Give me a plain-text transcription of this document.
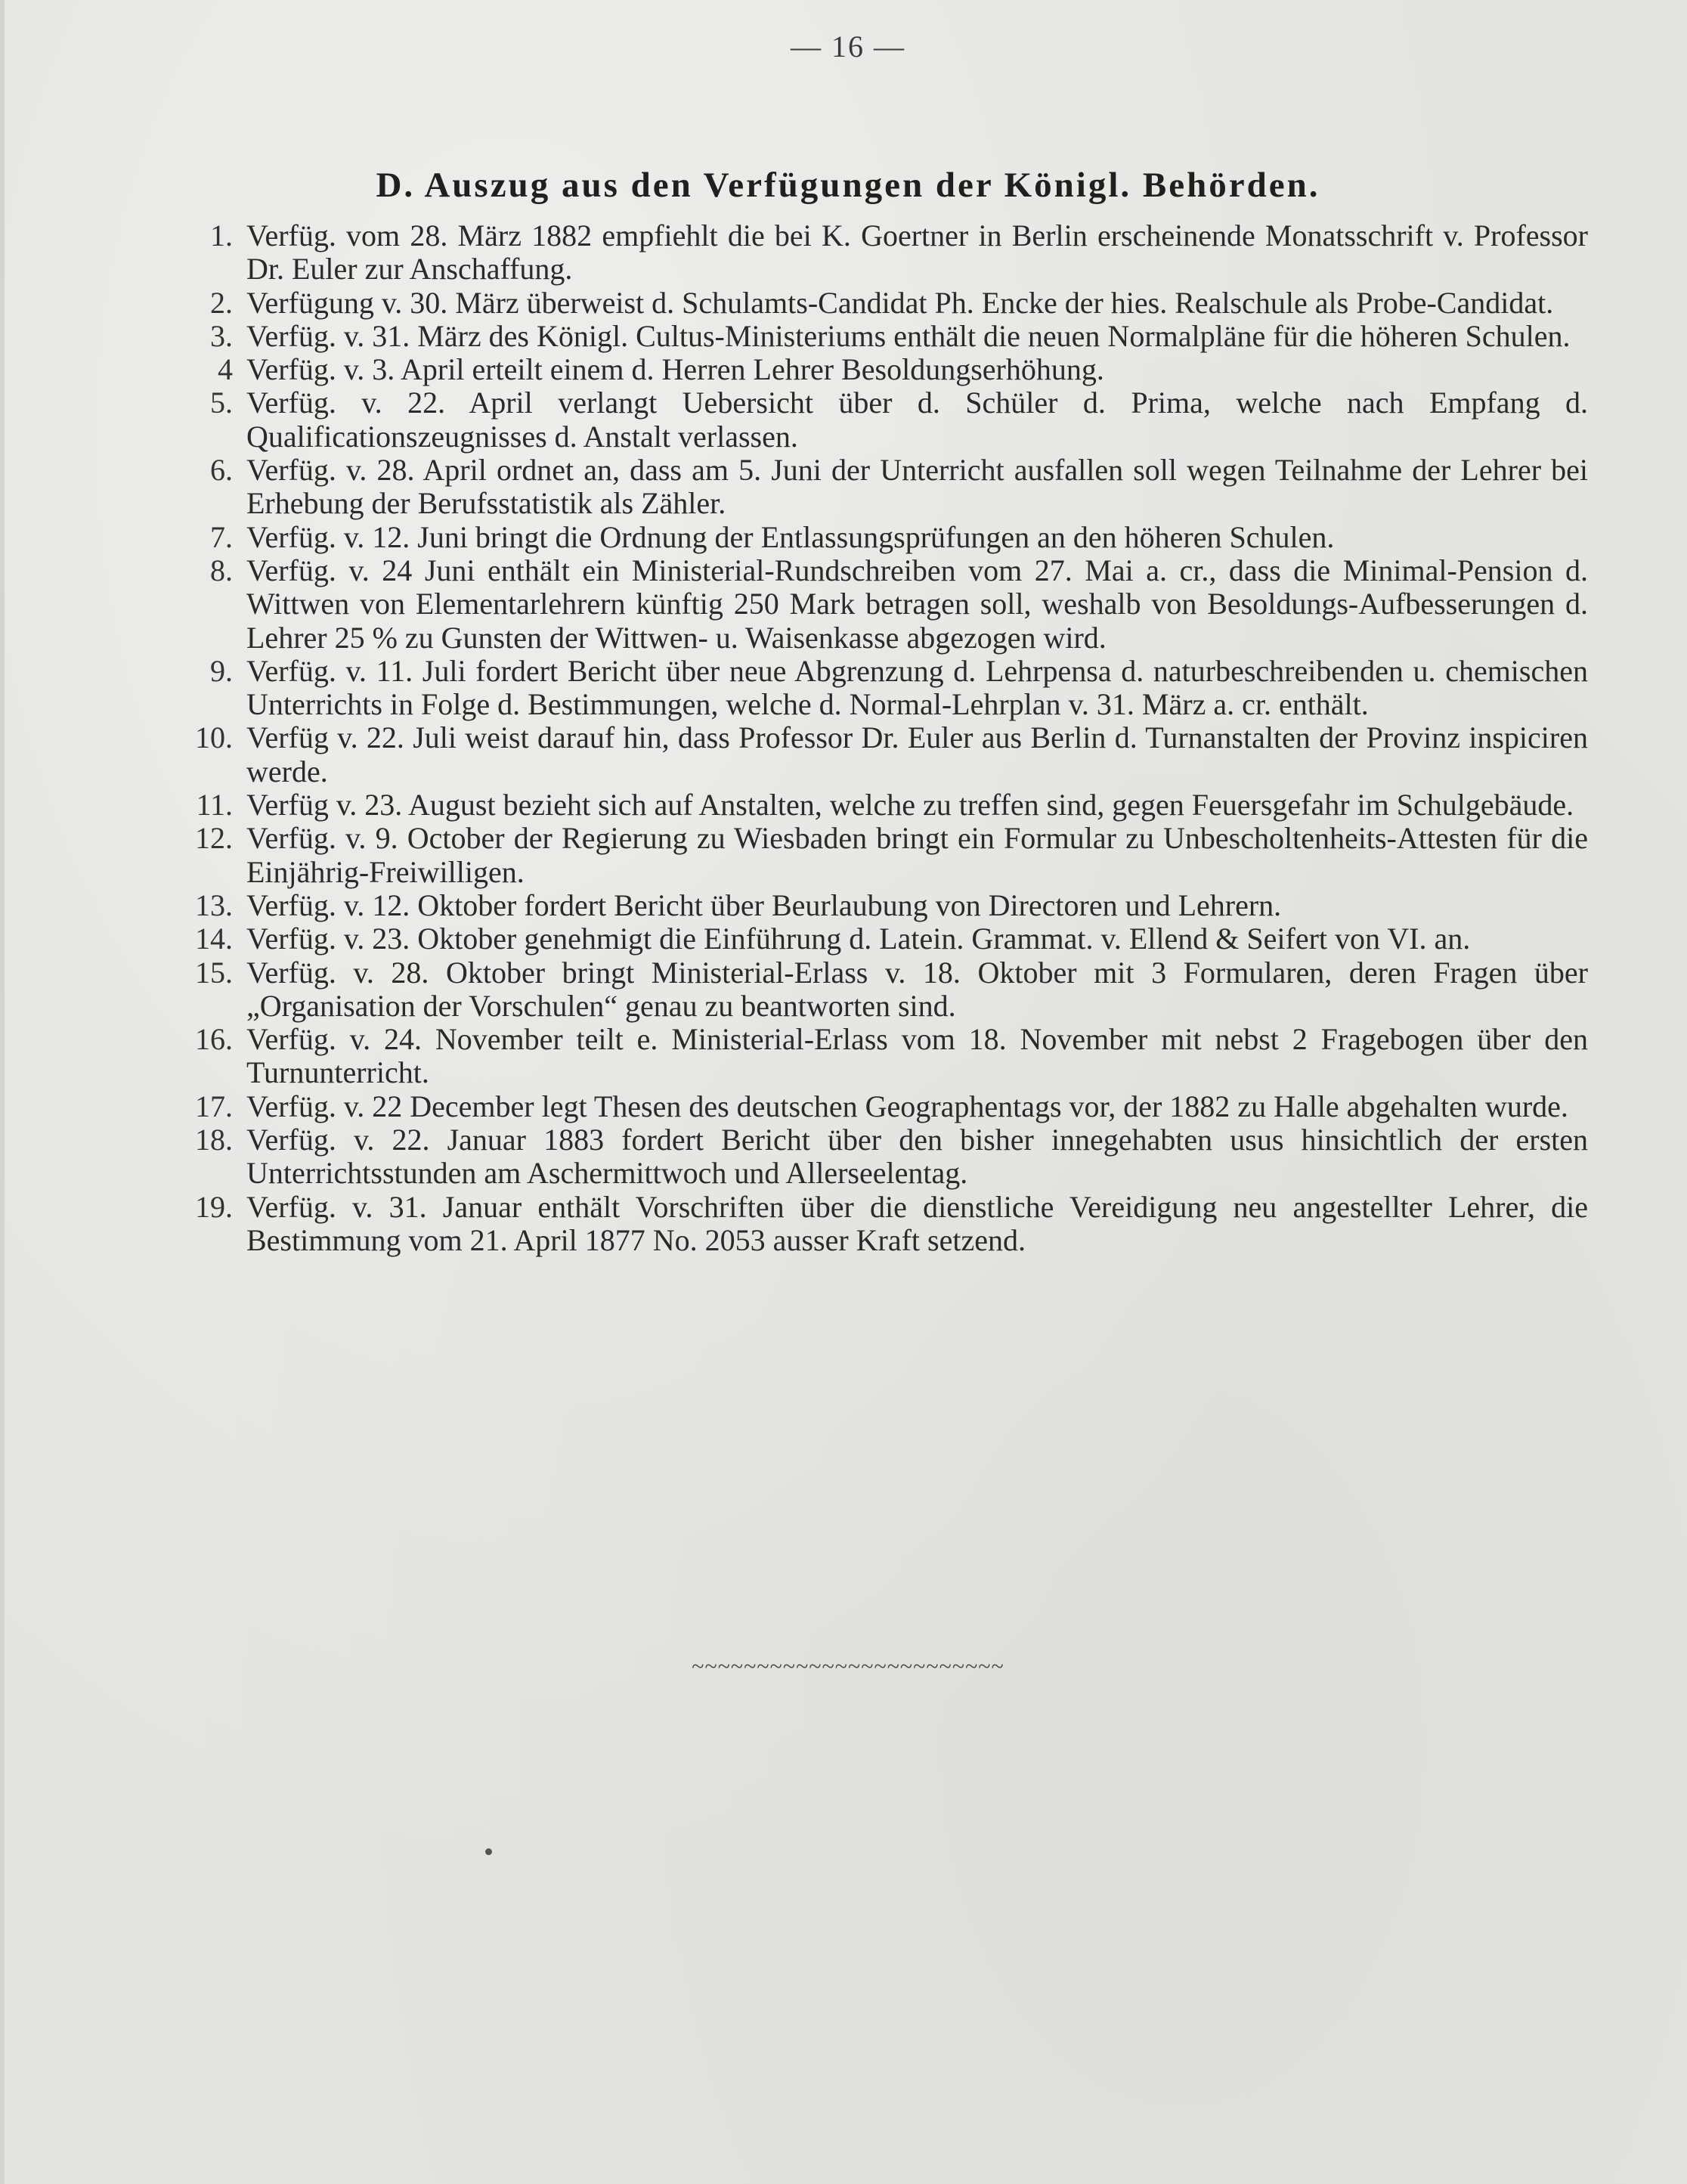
— 16 —
D. Auszug aus den Verfügungen der Königl. Behörden.
1. Verfüg. vom 28. März 1882 empfiehlt die bei K. Goertner in Berlin erscheinende Monatsschrift v. Professor Dr. Euler zur Anschaffung.
2. Verfügung v. 30. März überweist d. Schulamts-Candidat Ph. Encke der hies. Realschule als Probe-Candidat.
3. Verfüg. v. 31. März des Königl. Cultus-Ministeriums enthält die neuen Normalpläne für die höheren Schulen.
4 Verfüg. v. 3. April erteilt einem d. Herren Lehrer Besoldungserhöhung.
5. Verfüg. v. 22. April verlangt Uebersicht über d. Schüler d. Prima, welche nach Empfang d. Qualificationszeugnisses d. Anstalt verlassen.
6. Verfüg. v. 28. April ordnet an, dass am 5. Juni der Unterricht ausfallen soll wegen Teilnahme der Lehrer bei Erhebung der Berufsstatistik als Zähler.
7. Verfüg. v. 12. Juni bringt die Ordnung der Entlassungsprüfungen an den höheren Schulen.
8. Verfüg. v. 24 Juni enthält ein Ministerial-Rundschreiben vom 27. Mai a. cr., dass die Minimal-Pension d. Wittwen von Elementarlehrern künftig 250 Mark betragen soll, weshalb von Besoldungs-Aufbesserungen d. Lehrer 25 % zu Gunsten der Wittwen- u. Waisenkasse abgezogen wird.
9. Verfüg. v. 11. Juli fordert Bericht über neue Abgrenzung d. Lehrpensa d. naturbeschreibenden u. chemischen Unterrichts in Folge d. Bestimmungen, welche d. Normal-Lehrplan v. 31. März a. cr. enthält.
10. Verfüg v. 22. Juli weist darauf hin, dass Professor Dr. Euler aus Berlin d. Turnanstalten der Provinz inspiciren werde.
11. Verfüg v. 23. August bezieht sich auf Anstalten, welche zu treffen sind, gegen Feuersgefahr im Schulgebäude.
12. Verfüg. v. 9. October der Regierung zu Wiesbaden bringt ein Formular zu Unbescholtenheits-Attesten für die Einjährig-Freiwilligen.
13. Verfüg. v. 12. Oktober fordert Bericht über Beurlaubung von Directoren und Lehrern.
14. Verfüg. v. 23. Oktober genehmigt die Einführung d. Latein. Grammat. v. Ellend & Seifert von VI. an.
15. Verfüg. v. 28. Oktober bringt Ministerial-Erlass v. 18. Oktober mit 3 Formularen, deren Fragen über „Organisation der Vorschulen“ genau zu beantworten sind.
16. Verfüg. v. 24. November teilt e. Ministerial-Erlass vom 18. November mit nebst 2 Fragebogen über den Turnunterricht.
17. Verfüg. v. 22 December legt Thesen des deutschen Geographentags vor, der 1882 zu Halle abgehalten wurde.
18. Verfüg. v. 22. Januar 1883 fordert Bericht über den bisher innegehabten usus hinsichtlich der ersten Unterrichtsstunden am Aschermittwoch und Allerseelentag.
19. Verfüg. v. 31. Januar enthält Vorschriften über die dienstliche Vereidigung neu angestellter Lehrer, die Bestimmung vom 21. April 1877 No. 2053 ausser Kraft setzend.
~~~~~~~~~~~~~~~~~~~~~~~~
